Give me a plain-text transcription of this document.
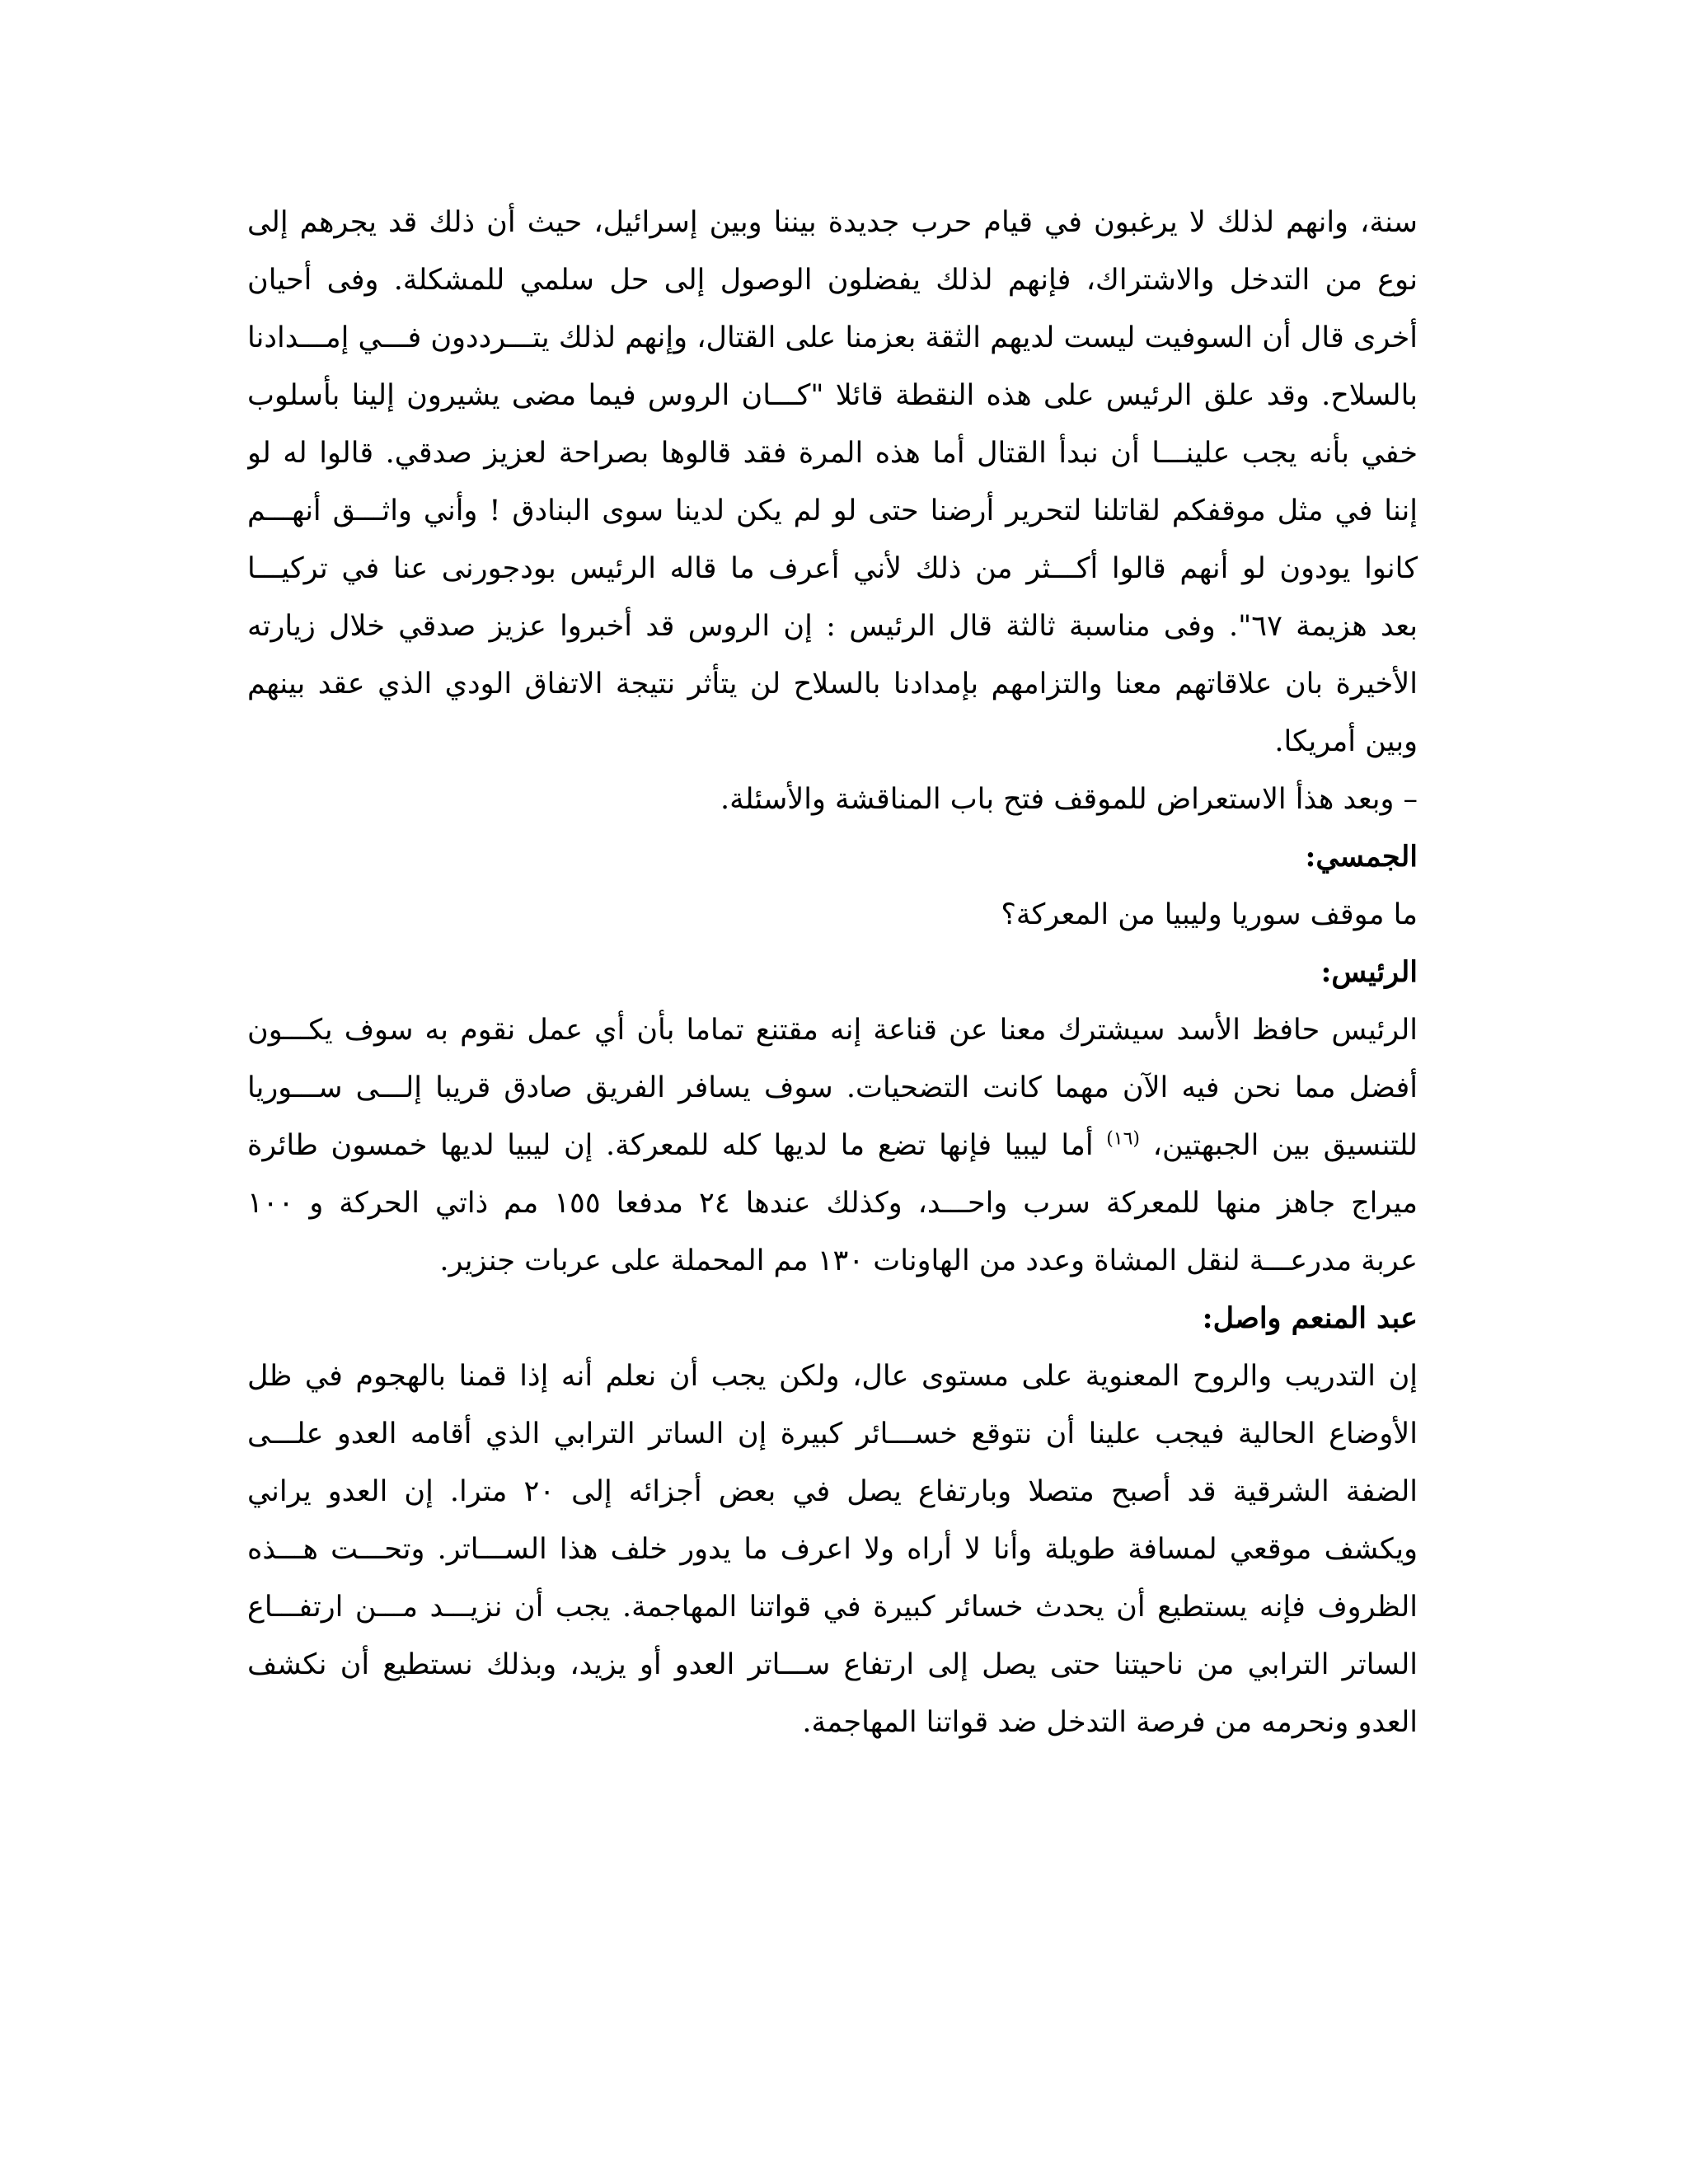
سنة، وانهم لذلك لا يرغبون في قيام حرب جديدة بيننا وبين إسرائيل، حيث أن ذلك قد يجرهم إلى
نوع من التدخل والاشتراك، فإنهم لذلك يفضلون الوصول إلى حل سلمي للمشكلة. وفى أحيان
أخرى قال أن السوفيت ليست لديهم الثقة بعزمنا على القتال، وإنهم لذلك يتـــرددون فـــي إمـــدادنا
بالسلاح. وقد علق الرئيس على هذه النقطة قائلا "كـــان الروس فيما مضى يشيرون إلينا بأسلوب
خفي بأنه يجب علينـــا أن نبدأ القتال أما هذه المرة فقد قالوها بصراحة لعزيز صدقي. قالوا له لو
إننا في مثل موقفكم لقاتلنا لتحرير أرضنا حتى لو لم يكن لدينا سوى البنادق ! وأني واثـــق أنهـــم
كانوا يودون لو أنهم قالوا أكـــثر من ذلك لأني أعرف ما قاله الرئيس بودجورنى عنا في تركيـــا
بعد هزيمة ٦٧". وفى مناسبة ثالثة قال الرئيس : إن الروس قد أخبروا عزيز صدقي خلال زيارته
الأخيرة بان علاقاتهم معنا والتزامهم بإمدادنا بالسلاح لن يتأثر نتيجة الاتفاق الودي الذي عقد بينهم
وبين أمريكا.
– وبعد هذأ الاستعراض للموقف فتح باب المناقشة والأسئلة.
الجمسي:
ما موقف سوريا وليبيا من المعركة؟
الرئيس:
الرئيس حافظ الأسد سيشترك معنا عن قناعة إنه مقتنع تماما بأن أي عمل نقوم به سوف يكـــون
أفضل مما نحن فيه الآن مهما كانت التضحيات. سوف يسافر الفريق صادق قريبا إلـــى ســـوريا
للتنسيق بين الجبهتين، $^{(١٦)}$ أما ليبيا فإنها تضع ما لديها كله للمعركة. إن ليبيا لديها خمسون طائرة
ميراج جاهز منها للمعركة سرب واحـــد، وكذلك عندها ٢٤ مدفعا ١٥٥ مم ذاتي الحركة و ١٠٠
عربة مدرعـــة لنقل المشاة وعدد من الهاونات ١٣٠ مم المحملة على عربات جنزير.
عبد المنعم واصل:
إن التدريب والروح المعنوية على مستوى عال، ولكن يجب أن نعلم أنه إذا قمنا بالهجوم في ظل
الأوضاع الحالية فيجب علينا أن نتوقع خســـائر كبيرة إن الساتر الترابي الذي أقامه العدو علـــى
الضفة الشرقية قد أصبح متصلا وبارتفاع يصل في بعض أجزائه إلى ٢٠ مترا. إن العدو يراني
ويكشف موقعي لمسافة طويلة وأنا لا أراه ولا اعرف ما يدور خلف هذا الســـاتر. وتحـــت هـــذه
الظروف فإنه يستطيع أن يحدث خسائر كبيرة في قواتنا المهاجمة. يجب أن نزيـــد مـــن ارتفـــاع
الساتر الترابي من ناحيتنا حتى يصل إلى ارتفاع ســـاتر العدو أو يزيد، وبذلك نستطيع أن نكشف
العدو ونحرمه من فرصة التدخل ضد قواتنا المهاجمة.
